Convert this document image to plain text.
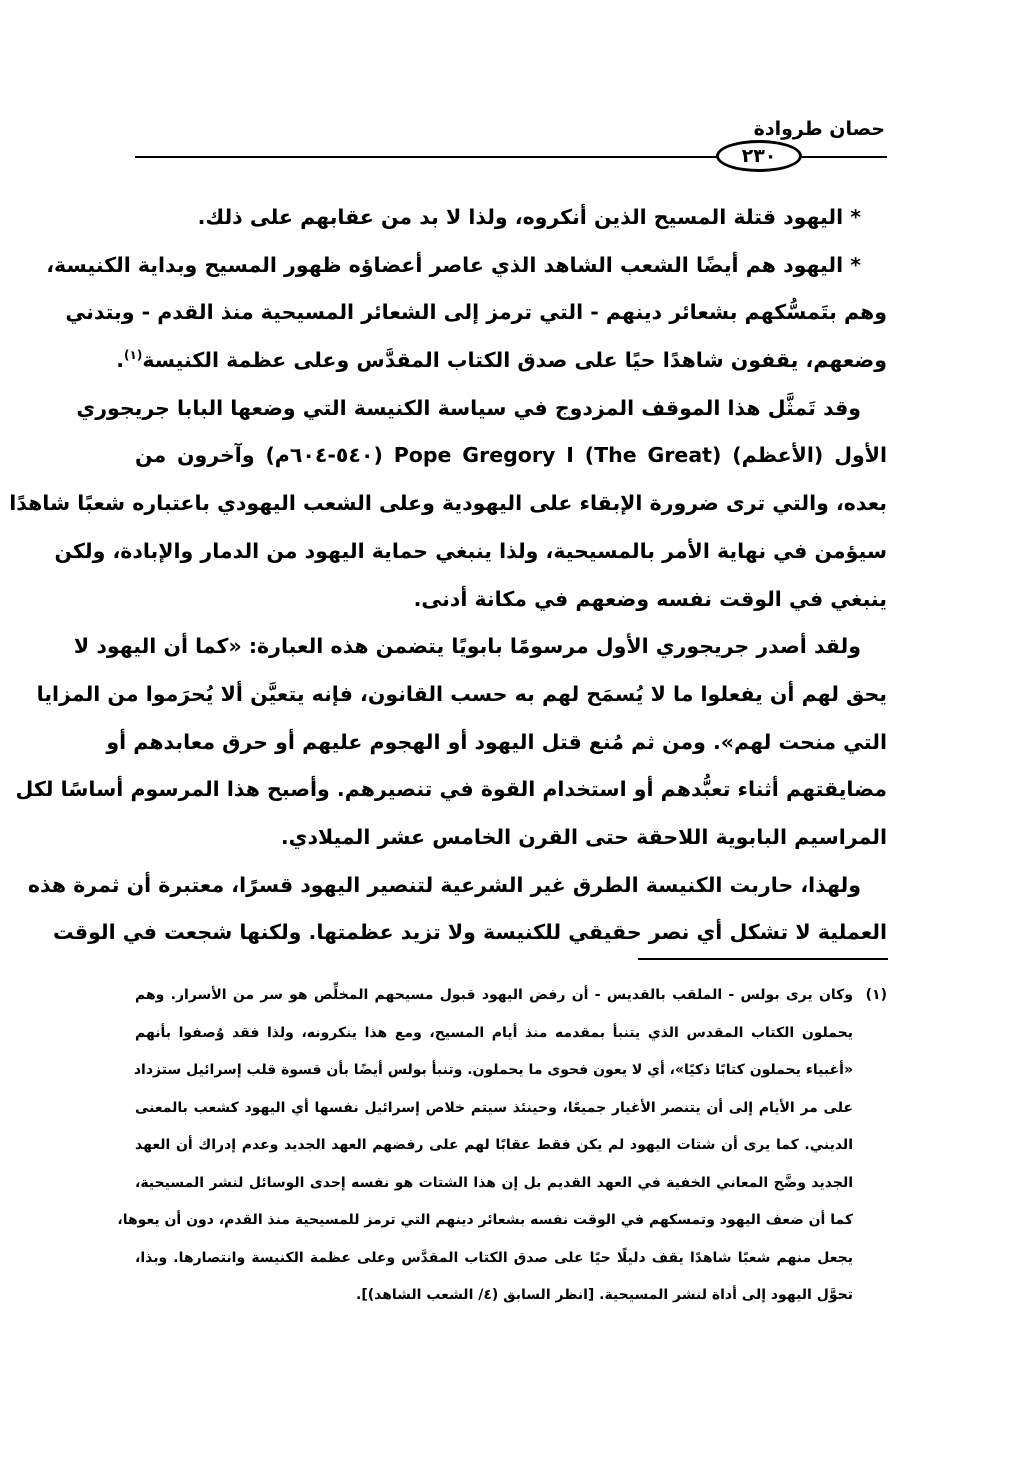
حصان طروادة
٢٣٠
* اليهود قتلة المسيح الذين أنكروه، ولذا لا بد من عقابهم على ذلك.
* اليهود هم أيضًا الشعب الشاهد الذي عاصر أعضاؤه ظهور المسيح وبداية الكنيسة،
وهم بتَمسُّكهم بشعائر دينهم - التي ترمز إلى الشعائر المسيحية منذ القدم - وبتدني
وضعهم، يقفون شاهدًا حيًا على صدق الكتاب المقدَّس وعلى عظمة الكنيسة$^{(١)}$.
وقد تَمثَّل هذا الموقف المزدوج في سياسة الكنيسة التي وضعها البابا جريجوري
الأول (الأعظم) Pope Gregory I (The Great) (٥٤٠-٦٠٤م) وآخرون من
بعده، والتي ترى ضرورة الإبقاء على اليهودية وعلى الشعب اليهودي باعتباره شعبًا شاهدًا
سيؤمن في نهاية الأمر بالمسيحية، ولذا ينبغي حماية اليهود من الدمار والإبادة، ولكن
ينبغي في الوقت نفسه وضعهم في مكانة أدنى.
ولقد أصدر جريجوري الأول مرسومًا بابويًا يتضمن هذه العبارة: «كما أن اليهود لا
يحق لهم أن يفعلوا ما لا يُسمَح لهم به حسب القانون، فإنه يتعيَّن ألا يُحرَموا من المزايا
التي منحت لهم». ومن ثم مُنع قتل اليهود أو الهجوم عليهم أو حرق معابدهم أو
مضايقتهم أثناء تعبُّدهم أو استخدام القوة في تنصيرهم. وأصبح هذا المرسوم أساسًا لكل
المراسيم البابوية اللاحقة حتى القرن الخامس عشر الميلادي.
ولهذا، حاربت الكنيسة الطرق غير الشرعية لتنصير اليهود قسرًا، معتبرة أن ثمرة هذه
العملية لا تشكل أي نصر حقيقي للكنيسة ولا تزيد عظمتها. ولكنها شجعت في الوقت
(١)
وكان يرى بولس - الملقب بالقديس - أن رفض اليهود قبول مسيحهم المخلِّص هو سر من الأسرار. وهم
يحملون الكتاب المقدس الذي يتنبأ بمقدمه منذ أيام المسيح، ومع هذا ينكرونه، ولذا فقد وُصفوا بأنهم
«أغبياء يحملون كتابًا ذكيًا»، أي لا يعون فحوى ما يحملون. وتنبأ بولس أيضًا بأن قسوة قلب إسرائيل ستزداد
على مر الأيام إلى أن يتنصر الأغيار جميعًا، وحينئذ سيتم خلاص إسرائيل نفسها أي اليهود كشعب بالمعنى
الديني. كما يرى أن شتات اليهود لم يكن فقط عقابًا لهم على رفضهم العهد الجديد وعدم إدراك أن العهد
الجديد وضَّح المعاني الخفية في العهد القديم بل إن هذا الشتات هو نفسه إحدى الوسائل لنشر المسيحية،
كما أن ضعف اليهود وتمسكهم في الوقت نفسه بشعائر دينهم التي ترمز للمسيحية منذ القدم، دون أن يعوها،
يجعل منهم شعبًا شاهدًا يقف دليلًا حيًا على صدق الكتاب المقدَّس وعلى عظمة الكنيسة وانتصارها. وبذا،
تحوَّل اليهود إلى أداة لنشر المسيحية. [انظر السابق (٤/ الشعب الشاهد)].
